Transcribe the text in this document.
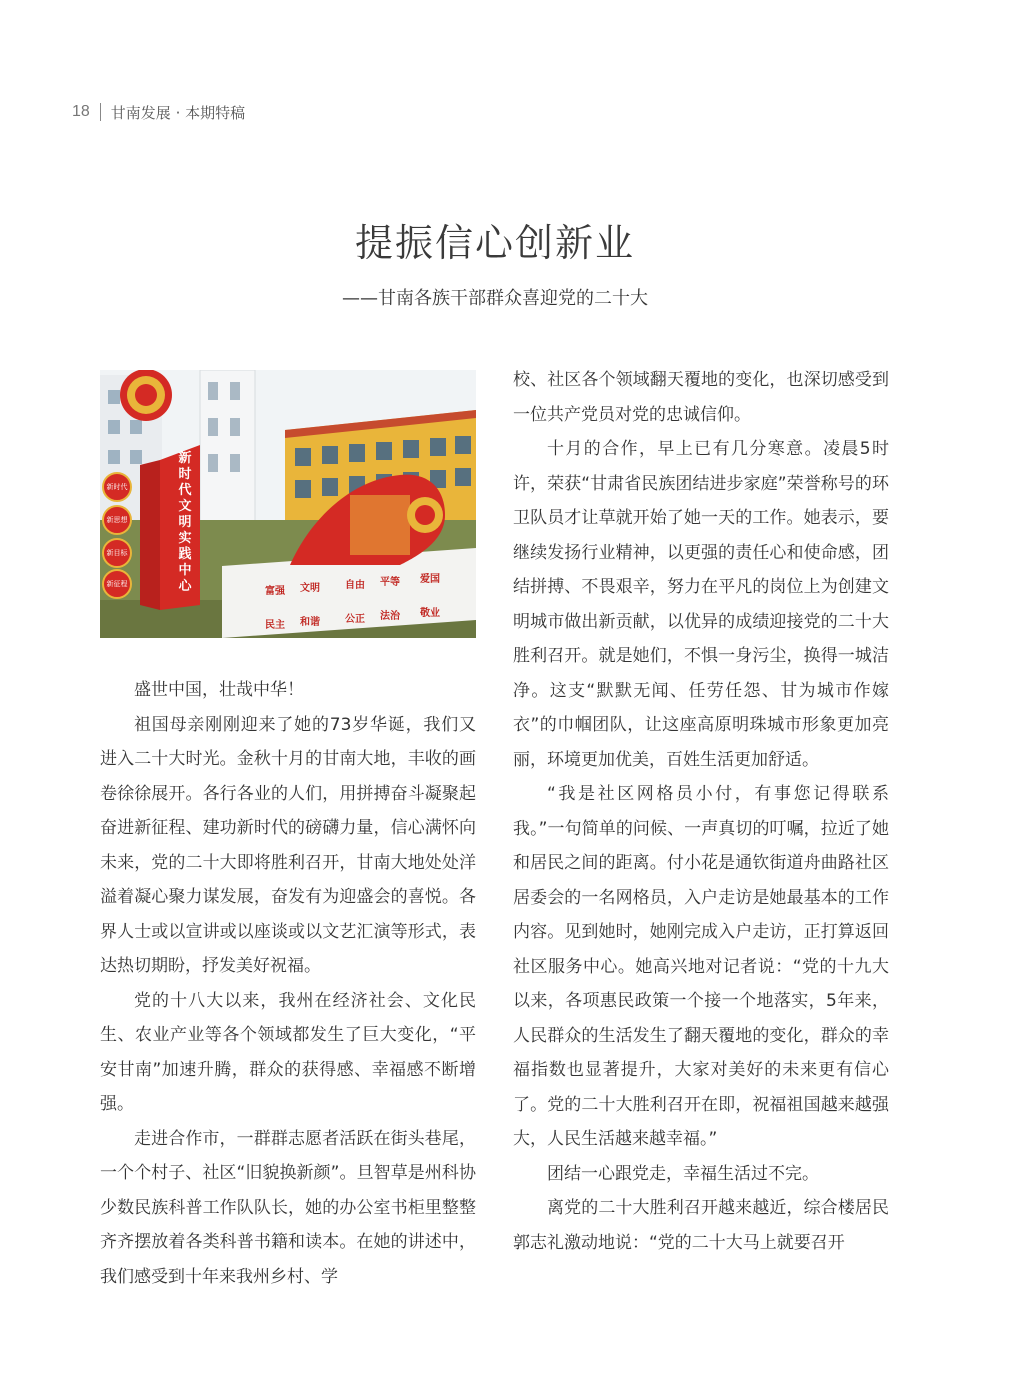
18 甘南发展 · 本期特稿
提振信心创新业
——甘南各族干部群众喜迎党的二十大
新时代
新思想
新目标
新征程
新
时
代
文
明
实
践
中
心	富强 文明	自由 平等 爱国
民主 和谐	公正 法治 敬业

盛世中国，壮哉中华！

祖国母亲刚刚迎来了她的73岁华诞，我们又进入二十大时光。金秋十月的甘南大地，丰收的画卷徐徐展开。各行各业的人们，用拼搏奋斗凝聚起奋进新征程、建功新时代的磅礴力量，信心满怀向未来，党的二十大即将胜利召开，甘南大地处处洋溢着凝心聚力谋发展，奋发有为迎盛会的喜悦。各界人士或以宣讲或以座谈或以文艺汇演等形式，表达热切期盼，抒发美好祝福。

党的十八大以来，我州在经济社会、文化民生、农业产业等各个领域都发生了巨大变化，“平安甘南”加速升腾，群众的获得感、幸福感不断增强。

走进合作市，一群群志愿者活跃在街头巷尾，一个个村子、社区“旧貌换新颜”。旦智草是州科协少数民族科普工作队队长，她的办公室书柜里整整齐齐摆放着各类科普书籍和读本。在她的讲述中，我们感受到十年来我州乡村、学

校、社区各个领域翻天覆地的变化，也深切感受到一位共产党员对党的忠诚信仰。

十月的合作，早上已有几分寒意。凌晨5时许，荣获“甘肃省民族团结进步家庭”荣誉称号的环卫队员才让草就开始了她一天的工作。她表示，要继续发扬行业精神，以更强的责任心和使命感，团结拼搏、不畏艰辛，努力在平凡的岗位上为创建文明城市做出新贡献，以优异的成绩迎接党的二十大胜利召开。就是她们，不惧一身污尘，换得一城洁净。这支“默默无闻、任劳任怨、甘为城市作嫁衣”的巾帼团队，让这座高原明珠城市形象更加亮丽，环境更加优美，百姓生活更加舒适。

“我是社区网格员小付，有事您记得联系我。”一句简单的问候、一声真切的叮嘱，拉近了她和居民之间的距离。付小花是通钦街道舟曲路社区居委会的一名网格员，入户走访是她最基本的工作内容。见到她时，她刚完成入户走访，正打算返回社区服务中心。她高兴地对记者说：“党的十九大以来，各项惠民政策一个接一个地落实，5年来，人民群众的生活发生了翻天覆地的变化，群众的幸福指数也显著提升，大家对美好的未来更有信心了。党的二十大胜利召开在即，祝福祖国越来越强大，人民生活越来越幸福。”

团结一心跟党走，幸福生活过不完。

离党的二十大胜利召开越来越近，综合楼居民郭志礼激动地说：“党的二十大马上就要召开
